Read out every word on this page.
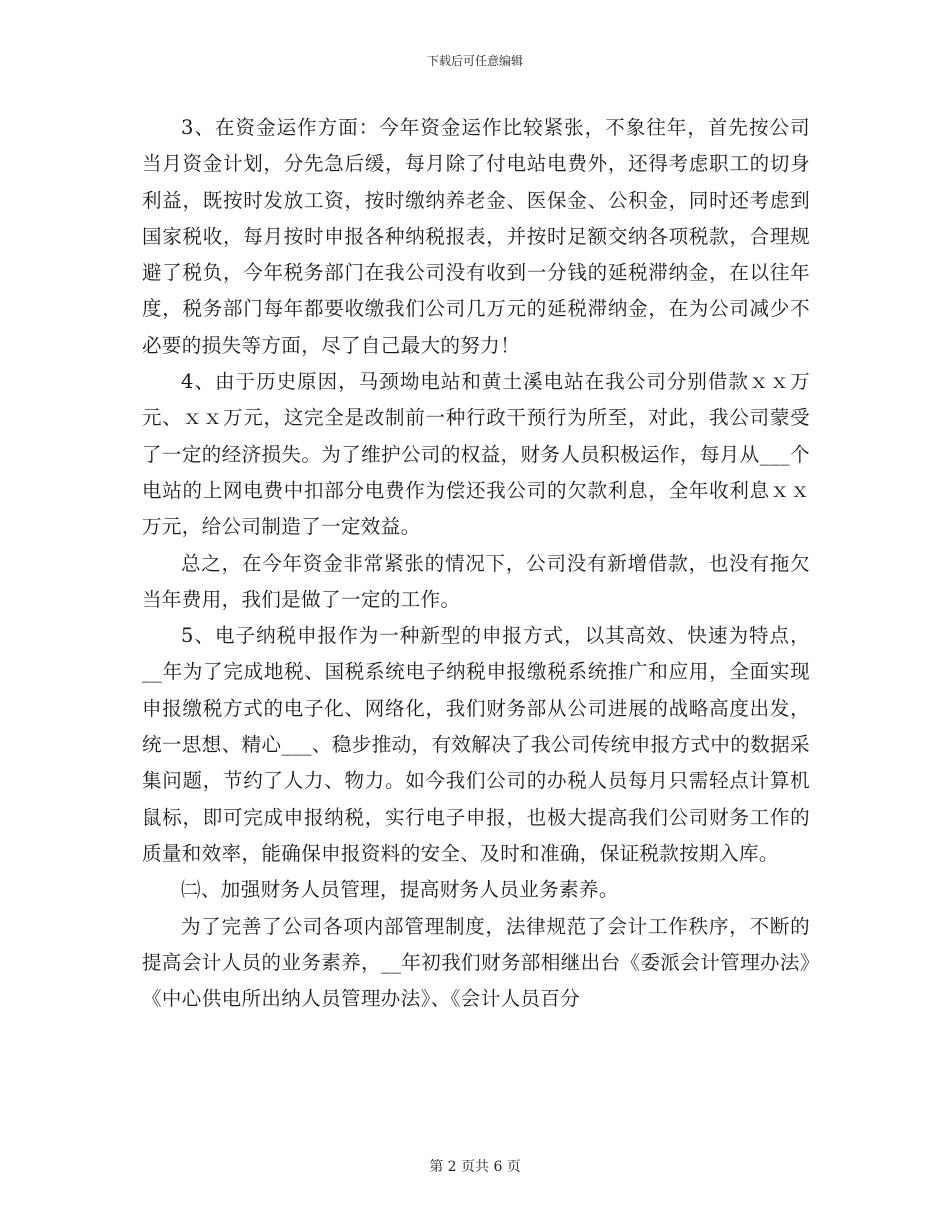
下载后可任意编辑

3、在资金运作方面：今年资金运作比较紧张，不象往年，首先按公司当月资金计划，分先急后缓，每月除了付电站电费外，还得考虑职工的切身利益，既按时发放工资，按时缴纳养老金、医保金、公积金，同时还考虑到国家税收，每月按时申报各种纳税报表，并按时足额交纳各项税款，合理规避了税负，今年税务部门在我公司没有收到一分钱的延税滞纳金，在以往年度，税务部门每年都要收缴我们公司几万元的延税滞纳金，在为公司减少不必要的损失等方面，尽了自己最大的努力！

4、由于历史原因，马颈坳电站和黄土溪电站在我公司分别借款ｘｘ万元、ｘｘ万元，这完全是改制前一种行政干预行为所至，对此，我公司蒙受了一定的经济损失。为了维护公司的权益，财务人员积极运作，每月从___个电站的上网电费中扣部分电费作为偿还我公司的欠款利息，全年收利息ｘｘ万元，给公司制造了一定效益。

总之，在今年资金非常紧张的情况下，公司没有新增借款，也没有拖欠当年费用，我们是做了一定的工作。

5、电子纳税申报作为一种新型的申报方式，以其高效、快速为特点，__年为了完成地税、国税系统电子纳税申报缴税系统推广和应用，全面实现申报缴税方式的电子化、网络化，我们财务部从公司进展的战略高度出发，统一思想、精心___、稳步推动，有效解决了我公司传统申报方式中的数据采集问题，节约了人力、物力。如今我们公司的办税人员每月只需轻点计算机鼠标，即可完成申报纳税，实行电子申报，也极大提高我们公司财务工作的质量和效率，能确保申报资料的安全、及时和准确，保证税款按期入库。

㈡、加强财务人员管理，提高财务人员业务素养。

为了完善了公司各项内部管理制度，法律规范了会计工作秩序，不断的提高会计人员的业务素养，__年初我们财务部相继出台《委派会计管理办法》《中心供电所出纳人员管理办法》、《会计人员百分

第 2 页共 6 页
